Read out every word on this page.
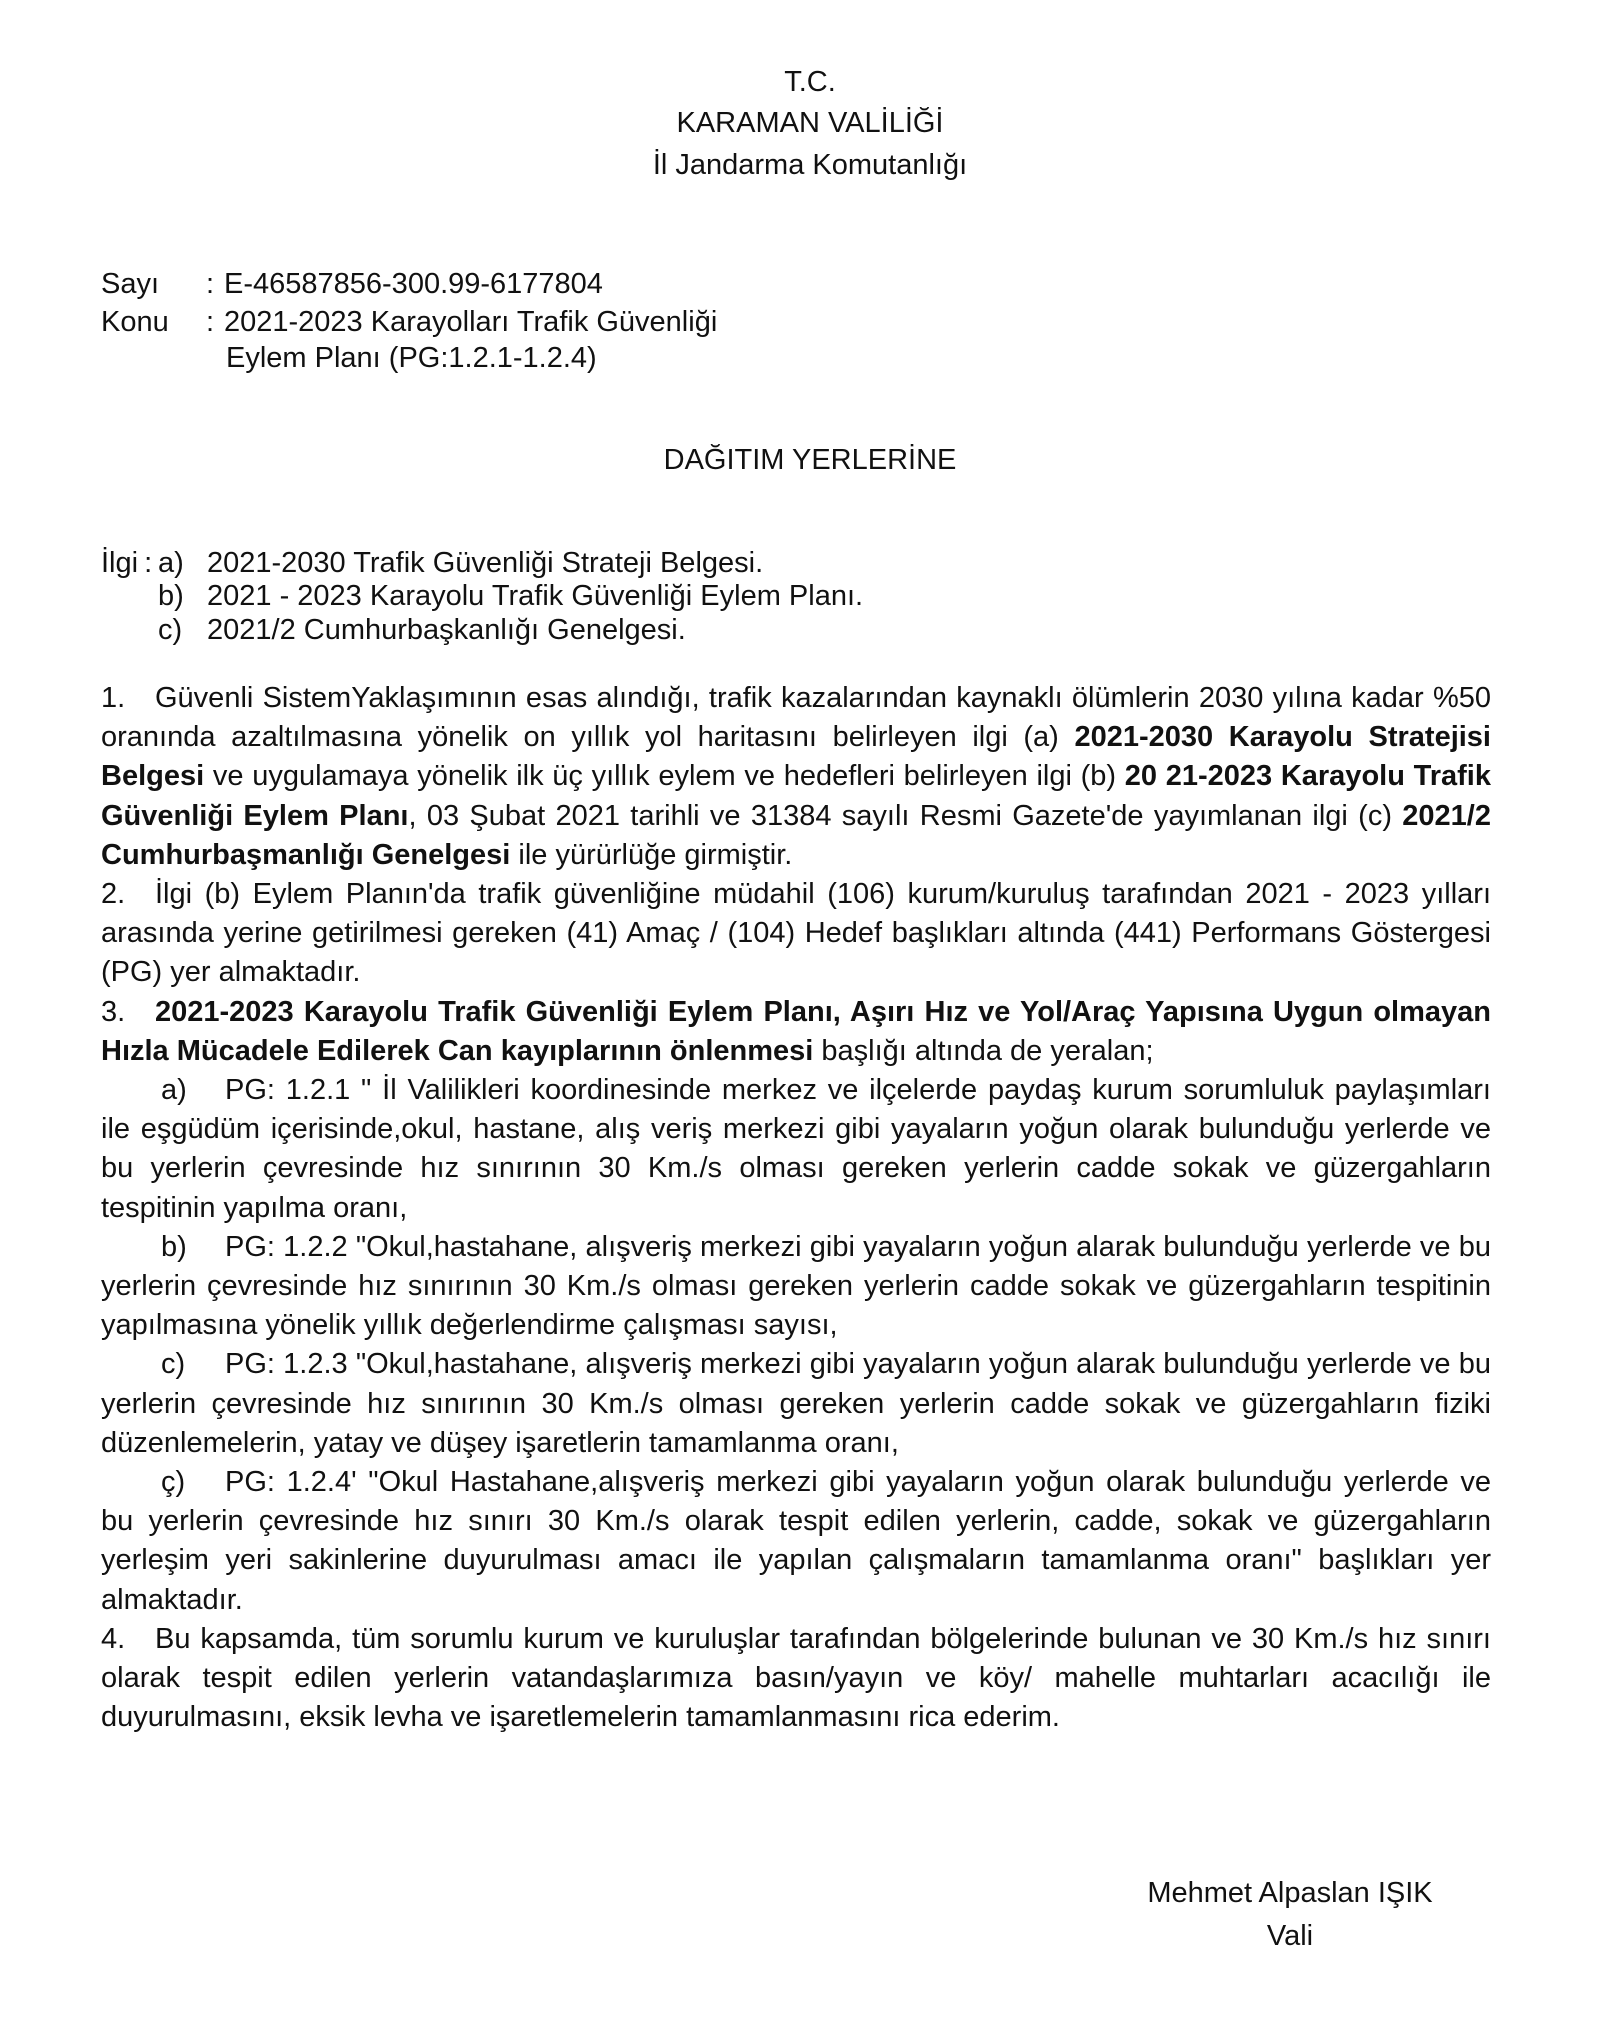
T.C.
KARAMAN VALİLİĞİ
İl Jandarma Komutanlığı
Sayı : E-46587856-300.99-6177804
Konu : 2021-2023 Karayolları Trafik Güvenliği
Eylem Planı (PG:1.2.1-1.2.4)
DAĞITIM YERLERİNE
İlgi : a) 2021-2030 Trafik Güvenliği Strateji Belgesi.
b) 2021 - 2023 Karayolu Trafik Güvenliği Eylem Planı.
c) 2021/2 Cumhurbaşkanlığı Genelgesi.

1. Güvenli SistemYaklaşımının esas alındığı, trafik kazalarından kaynaklı ölümlerin 2030 yılına kadar %50 oranında azaltılmasına yönelik on yıllık yol haritasını belirleyen ilgi (a) 2021-2030 Karayolu Stratejisi Belgesi ve uygulamaya yönelik ilk üç yıllık eylem ve hedefleri belirleyen ilgi (b) 20 21-2023 Karayolu Trafik Güvenliği Eylem Planı, 03 Şubat 2021 tarihli ve 31384 sayılı Resmi Gazete'de yayımlanan ilgi (c) 2021/2 Cumhurbaşmanlığı Genelgesi ile yürürlüğe girmiştir.

2. İlgi (b) Eylem Planın'da trafik güvenliğine müdahil (106) kurum/kuruluş tarafından 2021 - 2023 yılları arasında yerine getirilmesi gereken (41) Amaç / (104) Hedef başlıkları altında (441) Performans Göstergesi (PG) yer almaktadır.

3. 2021-2023 Karayolu Trafik Güvenliği Eylem Planı, Aşırı Hız ve Yol/Araç Yapısına Uygun olmayan Hızla Mücadele Edilerek Can kayıplarının önlenmesi başlığı altında de yeralan;

a) PG: 1.2.1 " İl Valilikleri koordinesinde merkez ve ilçelerde paydaş kurum sorumluluk paylaşımları ile eşgüdüm içerisinde,okul, hastane, alış veriş merkezi gibi yayaların yoğun olarak bulunduğu yerlerde ve bu yerlerin çevresinde hız sınırının 30 Km./s olması gereken yerlerin cadde sokak ve güzergahların tespitinin yapılma oranı,

b) PG: 1.2.2 "Okul,hastahane, alışveriş merkezi gibi yayaların yoğun alarak bulunduğu yerlerde ve bu yerlerin çevresinde hız sınırının 30 Km./s olması gereken yerlerin cadde sokak ve güzergahların tespitinin yapılmasına yönelik yıllık değerlendirme çalışması sayısı,

c) PG: 1.2.3 "Okul,hastahane, alışveriş merkezi gibi yayaların yoğun alarak bulunduğu yerlerde ve bu yerlerin çevresinde hız sınırının 30 Km./s olması gereken yerlerin cadde sokak ve güzergahların fiziki düzenlemelerin, yatay ve düşey işaretlerin tamamlanma oranı,

ç) PG: 1.2.4' "Okul Hastahane,alışveriş merkezi gibi yayaların yoğun olarak bulunduğu yerlerde ve bu yerlerin çevresinde hız sınırı 30 Km./s olarak tespit edilen yerlerin, cadde, sokak ve güzergahların yerleşim yeri sakinlerine duyurulması amacı ile yapılan çalışmaların tamamlanma oranı" başlıkları yer almaktadır.

4. Bu kapsamda, tüm sorumlu kurum ve kuruluşlar tarafından bölgelerinde bulunan ve 30 Km./s hız sınırı olarak tespit edilen yerlerin vatandaşlarımıza basın/yayın ve köy/ mahelle muhtarları acacılığı ile duyurulmasını, eksik levha ve işaretlemelerin tamamlanmasını rica ederim.

Mehmet Alpaslan IŞIK
Vali
